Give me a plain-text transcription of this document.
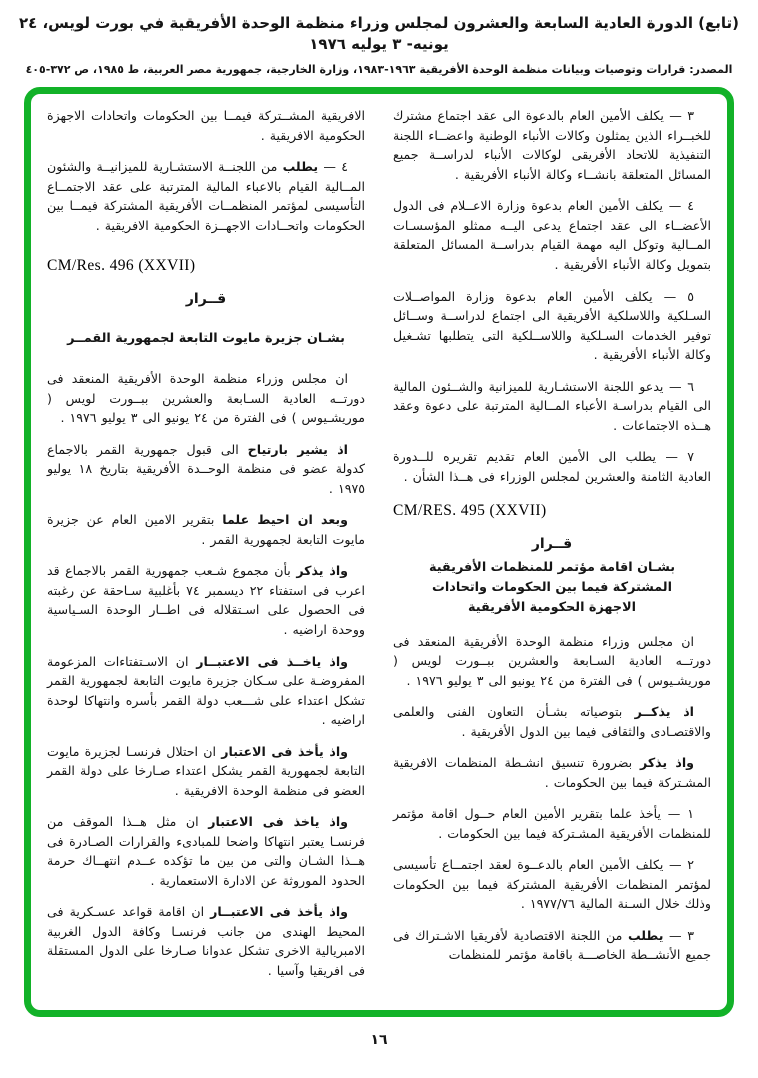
(تابع) الدورة العادية السابعة والعشرون لمجلس وزراء منظمة الوحدة الأفريقية في بورت لويس، ٢٤ يونيه- ٣ يوليه ١٩٧٦
المصدر: قرارات وتوصيات وبيانات منظمة الوحدة الأفريقية ١٩٦٣-١٩٨٣، وزارة الخارجية، جمهورية مصر العربية، ط ١٩٨٥، ص ٣٧٢-٤٠٥

٣ — يكلف الأمين العام بالدعوة الى عقد اجتماع مشترك للخبــراء الذين يمثلون وكالات الأنباء الوطنية واعضــاء اللجنة التنفيذية للاتحاد الأفريقى لوكالات الأنباء لدراســة جميع المسائل المتعلقة بانشــاء وكالة الأنباء الأفريقية .

٤ — يكلف الأمين العام بدعوة وزارة الاعــلام فى الدول الأعضــاء الى عقد اجتماع يدعى اليــه ممثلو المؤسسـات المــالية وتوكل اليه مهمة القيام بدراســة المسائل المتعلقة بتمويل وكالة الأنباء الأفريقية .

٥ — يكلف الأمين العام بدعوة وزارة المواصــلات السـلكية واللاسلكية الأفريقية الى اجتماع لدراســة وســائل توفير الخدمات السـلكية واللاســلكية التى يتطلبها تشـغيل وكالة الأنباء الأفريقية .

٦ — يدعو اللجنة الاستشـارية للميزانية والشــئون المالية الى القيام بدراسـة الأعباء المــالية المترتبة على دعوة وعقد هــذه الاجتماعات .

٧ — يطلب الى الأمين العام تقديم تقريره للــدورة العادية الثامنة والعشرين لمجلس الوزراء فى هــذا الشأن .

CM/RES. 495 (XXVII)
قــرار
بشـان اقامة مؤتمر للمنظمات الأفريقية
المشتركة فيما بين الحكومات واتحادات
الاجهزة الحكومية الأفريقية

ان مجلس وزراء منظمة الوحدة الأفريقية المنعقد فى دورتــه العادية السـابعة والعشرين ببــورت لويس ( موريشـيوس ) فى الفترة من ٢٤ يونيو الى ٣ يوليو ١٩٧٦ .

اذ يذكــر بتوصياته بشـأن التعاون الفنى والعلمى والاقتصـادى والثقافى فيما بين الدول الأفريقية .

واذ يذكر بضرورة تنسيق انشـطة المنظمات الافريقية المشـتركة فيما بين الحكومات .

١ — يأخذ علما بتقرير الأمين العام حــول اقامة مؤتمر للمنظمات الأفريقية المشـتركة فيما بين الحكومات .

٢ — يكلف الأمين العام بالدعــوة لعقد اجتمــاع تأسيسى لمؤتمر المنظمات الأفريقية المشتركة فيما بين الحكومات وذلك خلال السـنة المالية ١٩٧٧/٧٦ .

٣ — يطلب من اللجنة الاقتصادية لأفريقيا الاشـتراك فى جميع الأنشــطة الخاصـــة باقامة مؤتمر للمنظمات

الافريقية المشــتركة فيمــا بين الحكومات واتحادات الاجهزة الحكومية الافريقية .

٤ — يطلب من اللجنــة الاستشـارية للميزانيــة والشئون المــالية القيام بالاعباء المالية المترتبة على عقد الاجتمــاع التأسيسى لمؤتمر المنظمــات الأفريقية المشتركة فيمــا بين الحكومات واتحــادات الاجهــزة الحكومية الافريقية .

CM/Res. 496 (XXVII)
قــرار
بشـان جزيرة مايوت التابعة لجمهورية القمــر

ان مجلس وزراء منظمة الوحدة الأفريقية المنعقد فى دورتــه العادية السـابعة والعشرين ببــورت لويس ( موريشـيوس ) فى الفترة من ٢٤ يونيو الى ٣ يوليو ١٩٧٦ .

اذ يشير بارتياح الى قبول جمهورية القمر بالاجماع كدولة عضو فى منظمة الوحــدة الأفريقية بتاريخ ١٨ يوليو ١٩٧٥ .

وبعد ان احيط علما بتقرير الامين العام عن جزيرة مايوت التابعة لجمهورية القمر .

واذ يذكر بأن مجموع شـعب جمهورية القمر بالاجماع قد اعرب فى استفتاء ٢٢ ديسمبر ٧٤ بأغلبية سـاحقة عن رغبته فى الحصول على اسـتقلاله فى اطــار الوحدة السـياسية ووحدة اراضيه .

واذ ياخــذ فى الاعتبــار ان الاسـتفتاءات المزعومة المفروضـة على سـكان جزيرة مايوت التابعة لجمهورية القمر تشكل اعتداء على شـــعب دولة القمر بأسره وانتهاكا لوحدة اراضيه .

واذ يأخذ فى الاعتبار ان احتلال فرنسـا لجزيرة مايوت التابعة لجمهورية القمر يشكل اعتداء صـارخا على دولة القمر العضو فى منظمة الوحدة الافريقية .

واذ ياخذ فى الاعتبار ان مثل هــذا الموقف من فرنسـا يعتبر انتهاكا واضحا للمبادىء والقرارات الصـادرة فى هــذا الشـان والتى من بين ما تؤكده عــدم انتهــاك حرمة الحدود الموروثة عن الادارة الاستعمارية .

واذ يأخذ فى الاعتبــار ان اقامة قواعد عسـكرية فى المحيط الهندى من جانب فرنسـا وكافة الدول الغربية الامبريالية الاخرى تشكل عدوانا صـارخا على الدول المستقلة فى افريقيا وآسيا .

١٦
